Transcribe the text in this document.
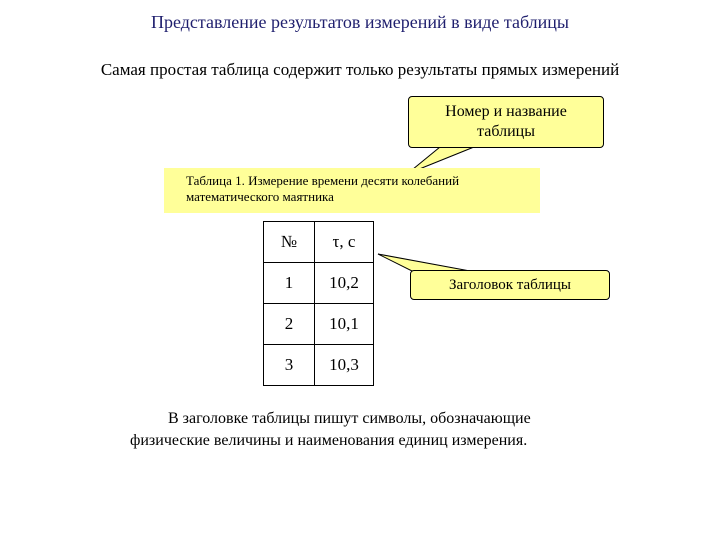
Представление результатов измерений в виде таблицы
Самая простая таблица содержит только результаты прямых измерений
Номер и название
таблицы
Таблица 1. Измерение времени десяти колебаний
математического маятника
№	τ, с
1	10,2
2	10,1
3	10,3
Заголовок таблицы
В заголовке таблицы пишут символы, обозначающие
физические величины и наименования единиц измерения.
